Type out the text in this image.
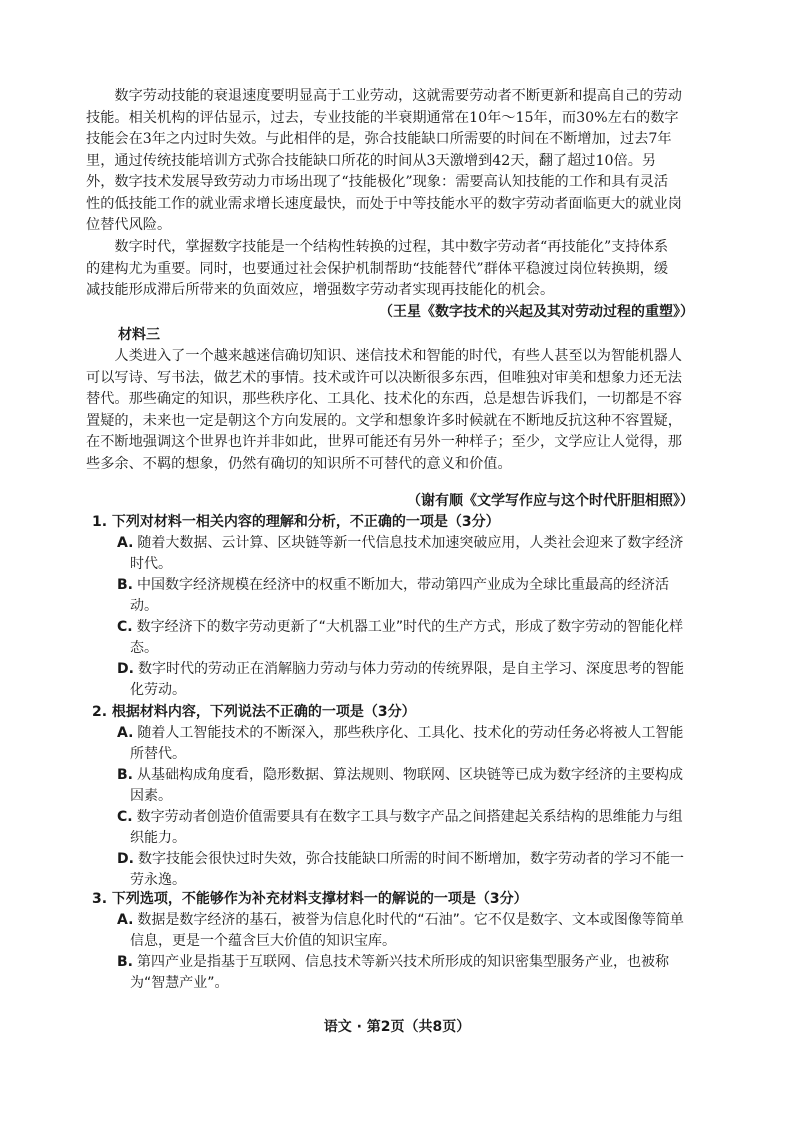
数字劳动技能的衰退速度要明显高于工业劳动，这就需要劳动者不断更新和提高自己的劳动技能。相关机构的评估显示，过去，专业技能的半衰期通常在10年～15年，而30%左右的数字技能会在3年之内过时失效。与此相伴的是，弥合技能缺口所需要的时间在不断增加，过去7年里，通过传统技能培训方式弥合技能缺口所花的时间从3天激增到42天，翻了超过10倍。另外，数字技术发展导致劳动力市场出现了“技能极化”现象：需要高认知技能的工作和具有灵活性的低技能工作的就业需求增长速度最快，而处于中等技能水平的数字劳动者面临更大的就业岗位替代风险。
数字时代，掌握数字技能是一个结构性转换的过程，其中数字劳动者“再技能化”支持体系的建构尤为重要。同时，也要通过社会保护机制帮助“技能替代”群体平稳渡过岗位转换期，缓减技能形成滞后所带来的负面效应，增强数字劳动者实现再技能化的机会。
（王星《数字技术的兴起及其对劳动过程的重塑》）
材料三
人类进入了一个越来越迷信确切知识、迷信技术和智能的时代，有些人甚至以为智能机器人可以写诗、写书法，做艺术的事情。技术或许可以决断很多东西，但唯独对审美和想象力还无法替代。那些确定的知识，那些秩序化、工具化、技术化的东西，总是想告诉我们，一切都是不容置疑的，未来也一定是朝这个方向发展的。文学和想象许多时候就在不断地反抗这种不容置疑，在不断地强调这个世界也许并非如此，世界可能还有另外一种样子；至少，文学应让人觉得，那些多余、不羁的想象，仍然有确切的知识所不可替代的意义和价值。
（谢有顺《文学写作应与这个时代肝胆相照》）
1. 下列对材料一相关内容的理解和分析，不正确的一项是（3分）
A. 随着大数据、云计算、区块链等新一代信息技术加速突破应用，人类社会迎来了数字经济时代。
B. 中国数字经济规模在经济中的权重不断加大，带动第四产业成为全球比重最高的经济活动。
C. 数字经济下的数字劳动更新了“大机器工业”时代的生产方式，形成了数字劳动的智能化样态。
D. 数字时代的劳动正在消解脑力劳动与体力劳动的传统界限，是自主学习、深度思考的智能化劳动。
2. 根据材料内容，下列说法不正确的一项是（3分）
A. 随着人工智能技术的不断深入，那些秩序化、工具化、技术化的劳动任务必将被人工智能所替代。
B. 从基础构成角度看，隐形数据、算法规则、物联网、区块链等已成为数字经济的主要构成因素。
C. 数字劳动者创造价值需要具有在数字工具与数字产品之间搭建起关系结构的思维能力与组织能力。
D. 数字技能会很快过时失效，弥合技能缺口所需的时间不断增加，数字劳动者的学习不能一劳永逸。
3. 下列选项，不能够作为补充材料支撑材料一的解说的一项是（3分）
A. 数据是数字经济的基石，被誉为信息化时代的“石油”。它不仅是数字、文本或图像等简单信息，更是一个蕴含巨大价值的知识宝库。
B. 第四产业是指基于互联网、信息技术等新兴技术所形成的知识密集型服务产业，也被称为“智慧产业”。
语文 · 第2页（共8页）
